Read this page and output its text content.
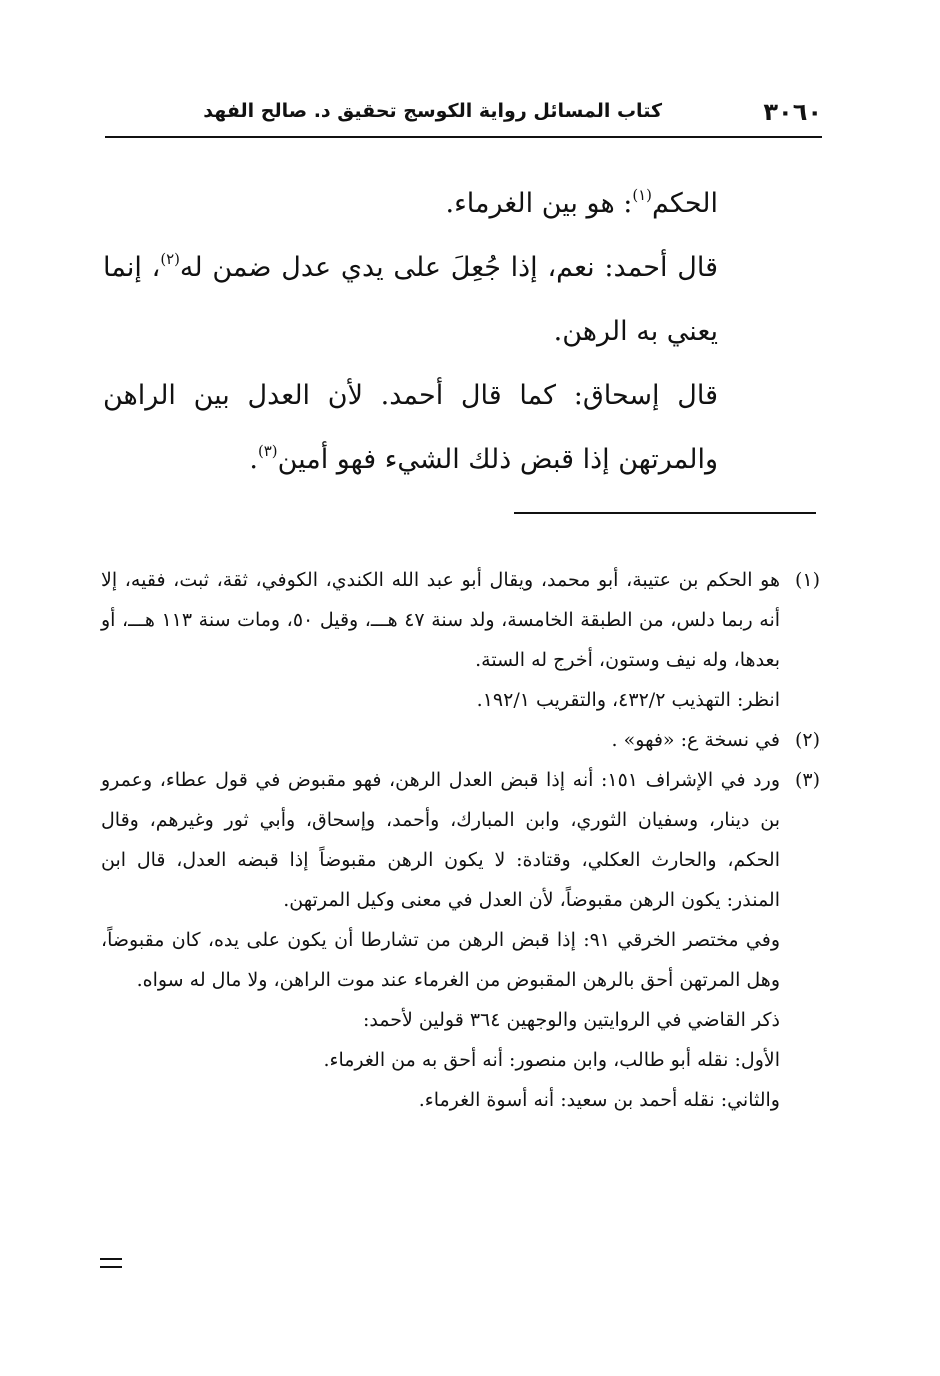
٣٠٦٠
كتاب المسائل رواية الكوسج تحقيق د. صالح الفهد

الحكم$^{(١)}$: هو بين الغرماء.

قال أحمد: نعم، إذا جُعِلَ على يدي عدل ضمن له$^{(٢)}$، إنما يعني به الرهن.

قال إسحاق: كما قال أحمد. لأن العدل بين الراهن والمرتهن إذا قبض ذلك الشيء فهو أمين$^{(٣)}$.

(١)
هو الحكم بن عتيبة، أبو محمد، ويقال أبو عبد الله الكندي، الكوفي، ثقة، ثبت، فقيه، إلا أنه ربما دلس، من الطبقة الخامسة، ولد سنة ٤٧ هـــ، وقيل ٥٠، ومات سنة ١١٣ هـــ، أو بعدها، وله نيف وستون، أخرج له الستة.

انظر: التهذيب ٤٣٢/٢، والتقريب ١٩٢/١.

(٢)
في نسخة ع: «فهو» .
(٣)
ورد في الإشراف ١٥١: أنه إذا قبض العدل الرهن، فهو مقبوض في قول عطاء، وعمرو بن دينار، وسفيان الثوري، وابن المبارك، وأحمد، وإسحاق، وأبي ثور وغيرهم، وقال الحكم، والحارث العكلي، وقتادة: لا يكون الرهن مقبوضاً إذا قبضه العدل، قال ابن المنذر: يكون الرهن مقبوضاً، لأن العدل في معنى وكيل المرتهن.

وفي مختصر الخرقي ٩١: إذا قبض الرهن من تشارطا أن يكون على يده، كان مقبوضاً، وهل المرتهن أحق بالرهن المقبوض من الغرماء عند موت الراهن، ولا مال له سواه.

ذكر القاضي في الروايتين والوجهين ٣٦٤ قولين لأحمد:

الأول: نقله أبو طالب، وابن منصور: أنه أحق به من الغرماء.

والثاني: نقله أحمد بن سعيد: أنه أسوة الغرماء.
